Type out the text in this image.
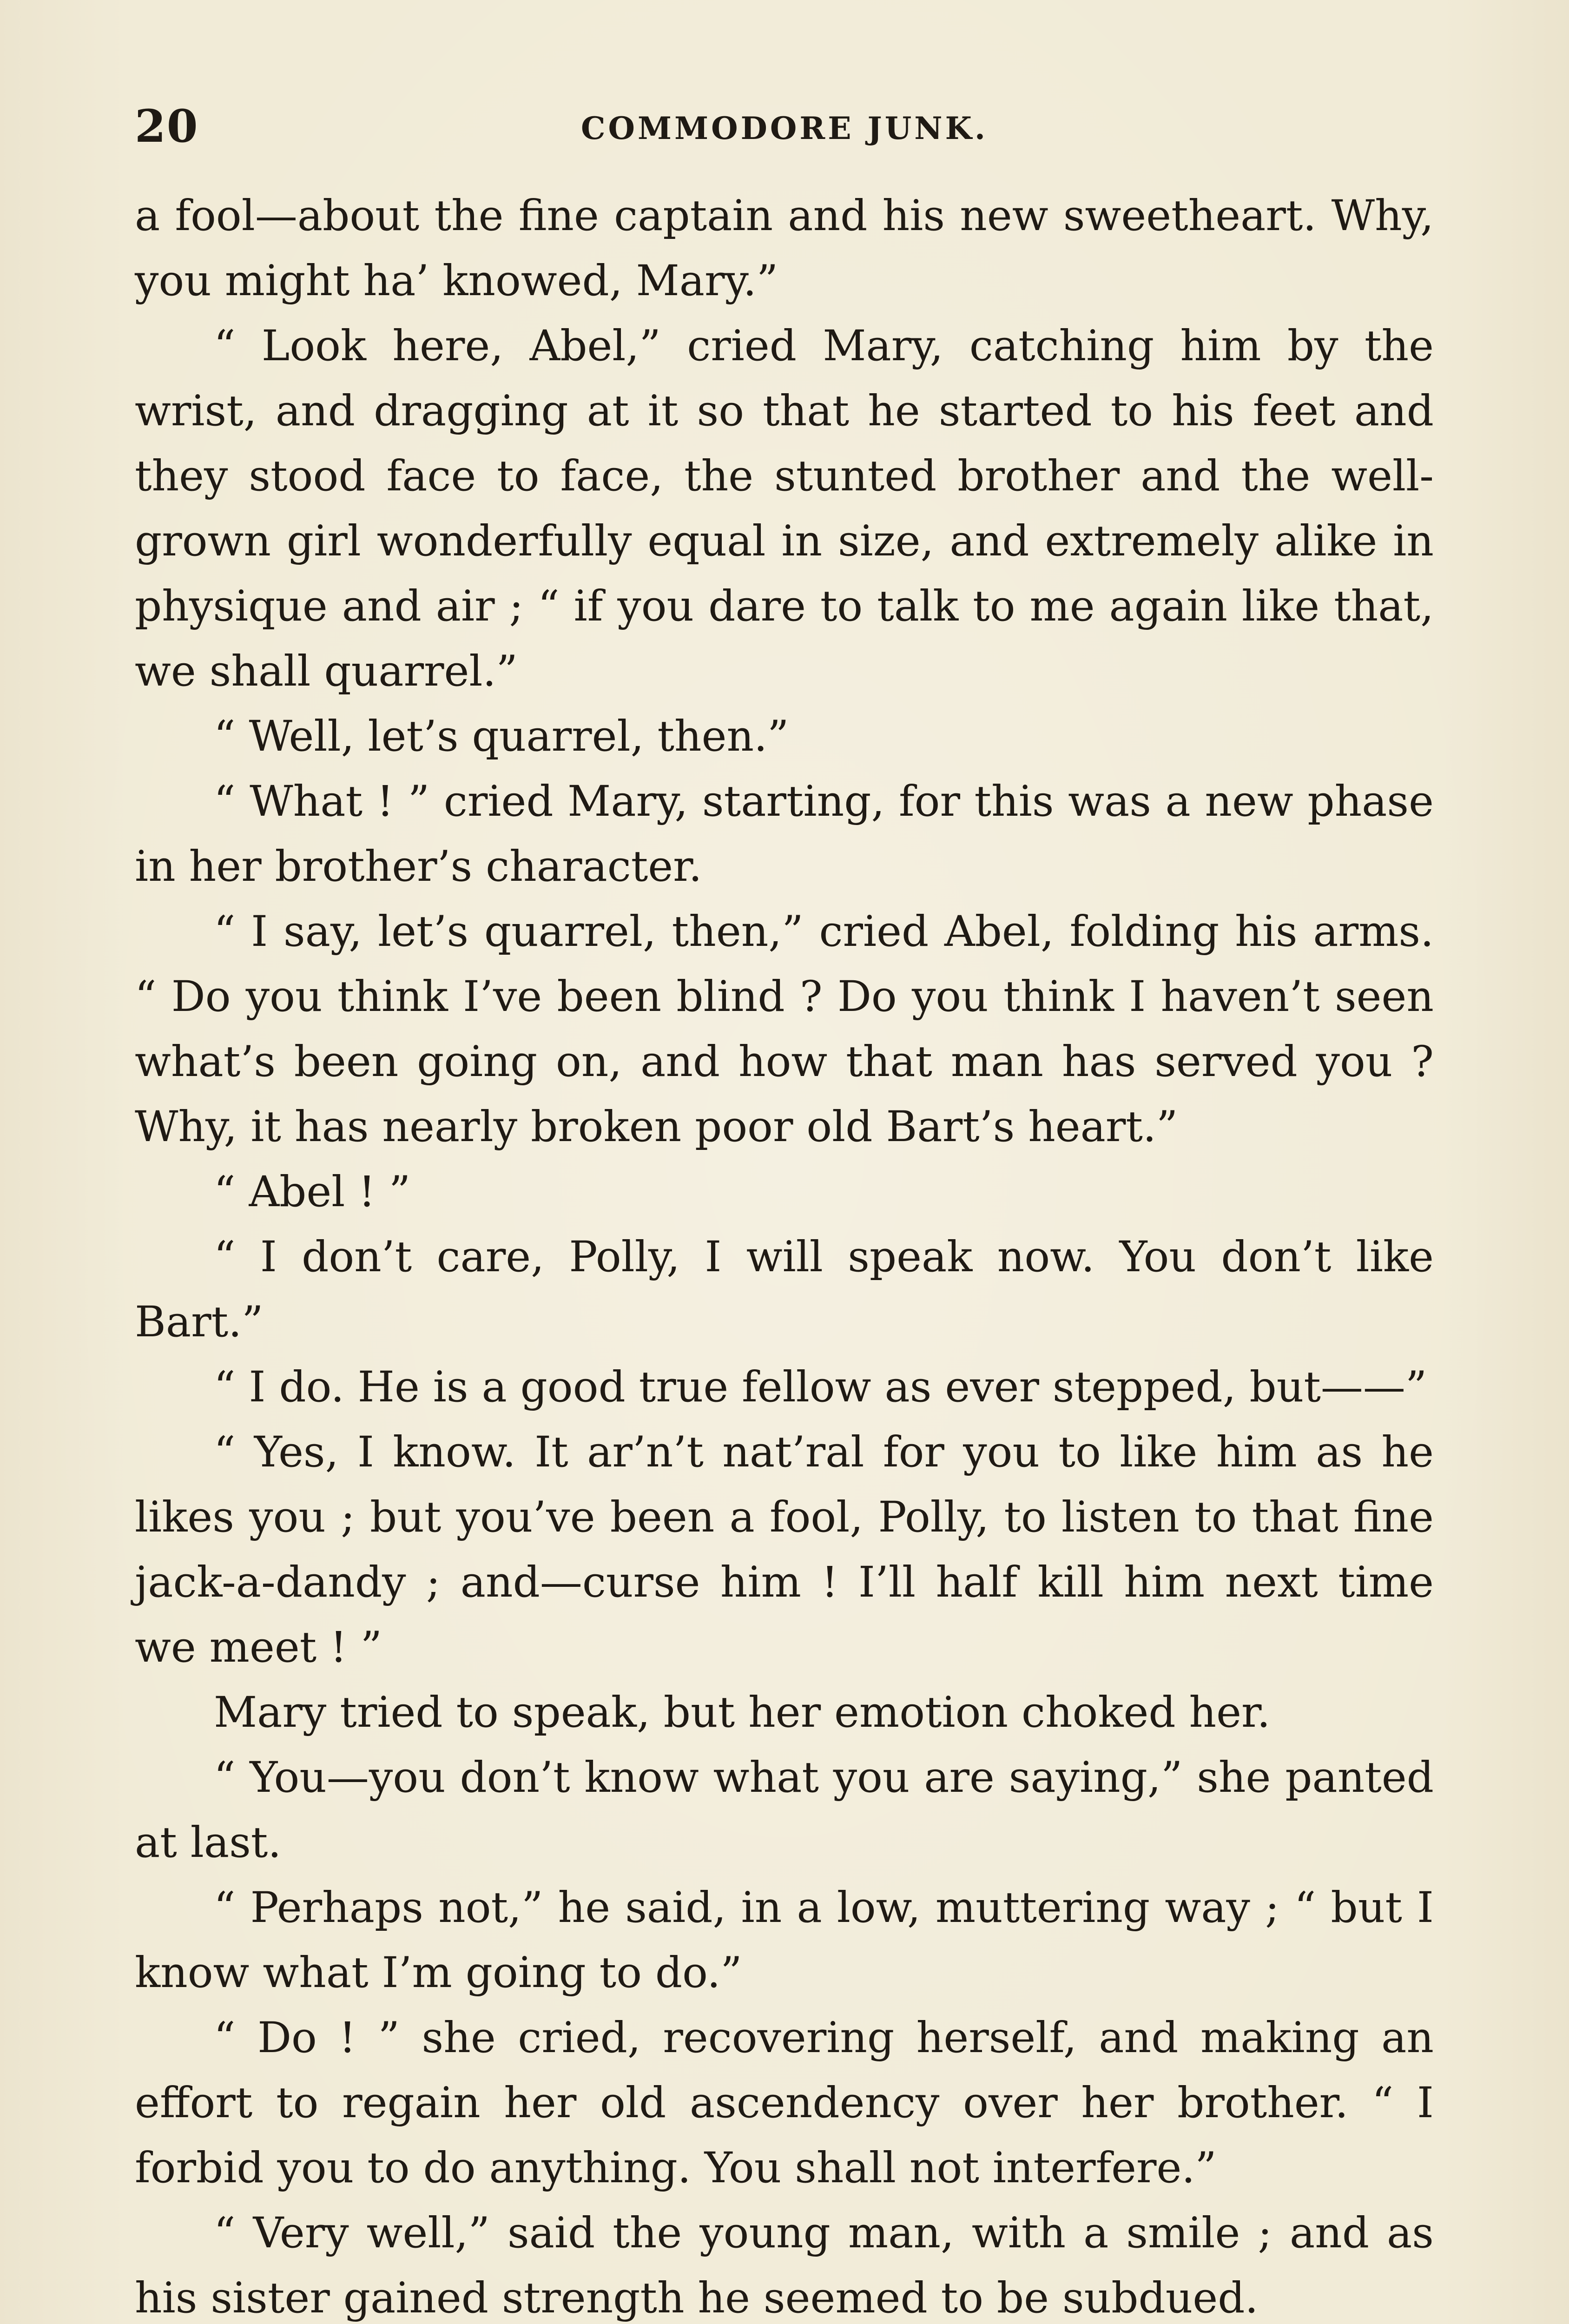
20	COMMODORE JUNK.

a fool—about the fine captain and his new sweetheart. Why, you might ha’ knowed, Mary.”

“ Look here, Abel,” cried Mary, catching him by the wrist, and dragging at it so that he started to his feet and they stood face to face, the stunted brother and the well-grown girl wonderfully equal in size, and extremely alike in physique and air ; “ if you dare to talk to me again like that, we shall quarrel.”

“ Well, let’s quarrel, then.”

“ What ! ” cried Mary, starting, for this was a new phase in her brother’s character.

“ I say, let’s quarrel, then,” cried Abel, folding his arms. “ Do you think I’ve been blind ? Do you think I haven’t seen what’s been going on, and how that man has served you ? Why, it has nearly broken poor old Bart’s heart.”

“ Abel ! ”

“ I don’t care, Polly, I will speak now. You don’t like Bart.”

“ I do. He is a good true fellow as ever stepped, but——”

“ Yes, I know. It ar’n’t nat’ral for you to like him as he likes you ; but you’ve been a fool, Polly, to listen to that fine jack-a-dandy ; and—curse him ! I’ll half kill him next time we meet ! ”

Mary tried to speak, but her emotion choked her.

“ You—you don’t know what you are saying,” she panted at last.

“ Perhaps not,” he said, in a low, muttering way ; “ but I know what I’m going to do.”

“ Do ! ” she cried, recovering herself, and making an effort to regain her old ascendency over her brother. “ I forbid you to do anything. You shall not interfere.”

“ Very well,” said the young man, with a smile ; and as his sister gained strength he seemed to be subdued.
